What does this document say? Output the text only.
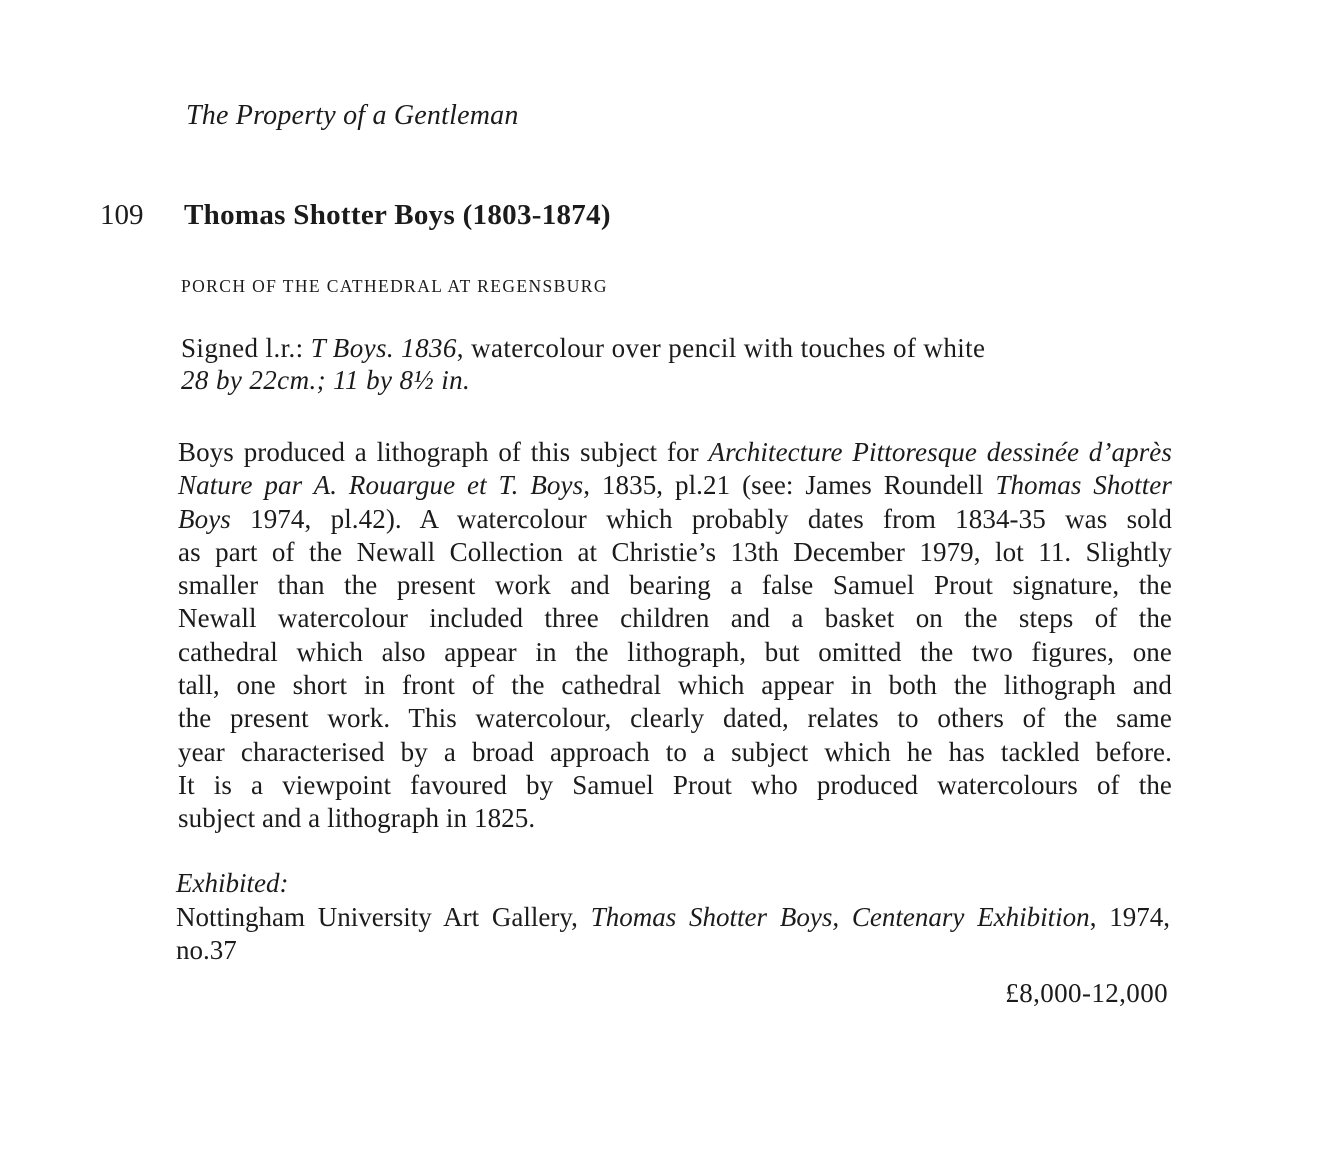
The Property of a Gentleman
109 Thomas Shotter Boys (1803-1874)
PORCH OF THE CATHEDRAL AT REGENSBURG
Signed l.r.: T Boys. 1836, watercolour over pencil with touches of white
28 by 22cm.; 11 by 8½ in.
Boys produced a lithograph of this subject for Architecture Pittoresque dessinée d’après
Nature par A. Rouargue et T. Boys, 1835, pl.21 (see: James Roundell Thomas Shotter
Boys 1974, pl.42). A watercolour which probably dates from 1834-35 was sold
as part of the Newall Collection at Christie’s 13th December 1979, lot 11. Slightly
smaller than the present work and bearing a false Samuel Prout signature, the
Newall watercolour included three children and a basket on the steps of the
cathedral which also appear in the lithograph, but omitted the two figures, one
tall, one short in front of the cathedral which appear in both the lithograph and
the present work. This watercolour, clearly dated, relates to others of the same
year characterised by a broad approach to a subject which he has tackled before.
It is a viewpoint favoured by Samuel Prout who produced watercolours of the
subject and a lithograph in 1825.
Exhibited:
Nottingham University Art Gallery, Thomas Shotter Boys, Centenary Exhibition, 1974,
no.37
£8,000-12,000
